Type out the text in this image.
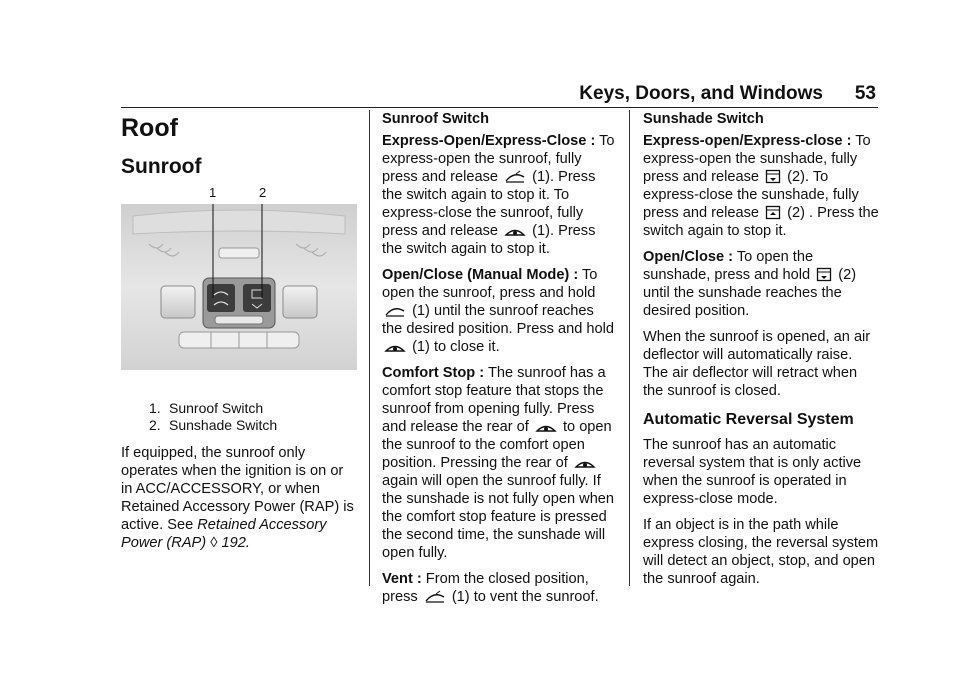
Keys, Doors, and Windows 53
Roof
Sunroof
1	2
1. Sunroof Switch
2. Sunshade Switch

If equipped, the sunroof only operates when the ignition is on or in ACC/ACCESSORY, or when Retained Accessory Power (RAP) is active. See Retained Accessory Power (RAP) ◊ 192.

Sunroof Switch

Express-Open/Express-Close : To express-open the sunroof, fully press and release (1). Press the switch again to stop it. To express-close the sunroof, fully press and release (1). Press the switch again to stop it.

Open/Close (Manual Mode) : To open the sunroof, press and hold  (1) until the sunroof reaches the desired position. Press and hold  (1) to close it.

Comfort Stop : The sunroof has a comfort stop feature that stops the sunroof from opening fully. Press and release the rear of to open the sunroof to the comfort open position. Pressing the rear of  again will open the sunroof fully. If the sunshade is not fully open when the comfort stop feature is pressed the second time, the sunshade will open fully.

Vent : From the closed position, press (1) to vent the sunroof.

Sunshade Switch

Express-open/Express-close : To express-open the sunshade, fully press and release (2). To express-close the sunshade, fully press and release (2) . Press the switch again to stop it.

Open/Close : To open the sunshade, press and hold (2) until the sunshade reaches the desired position.

When the sunroof is opened, an air deflector will automatically raise. The air deflector will retract when the sunroof is closed.

Automatic Reversal System

The sunroof has an automatic reversal system that is only active when the sunroof is operated in express-close mode.

If an object is in the path while express closing, the reversal system will detect an object, stop, and open the sunroof again.
